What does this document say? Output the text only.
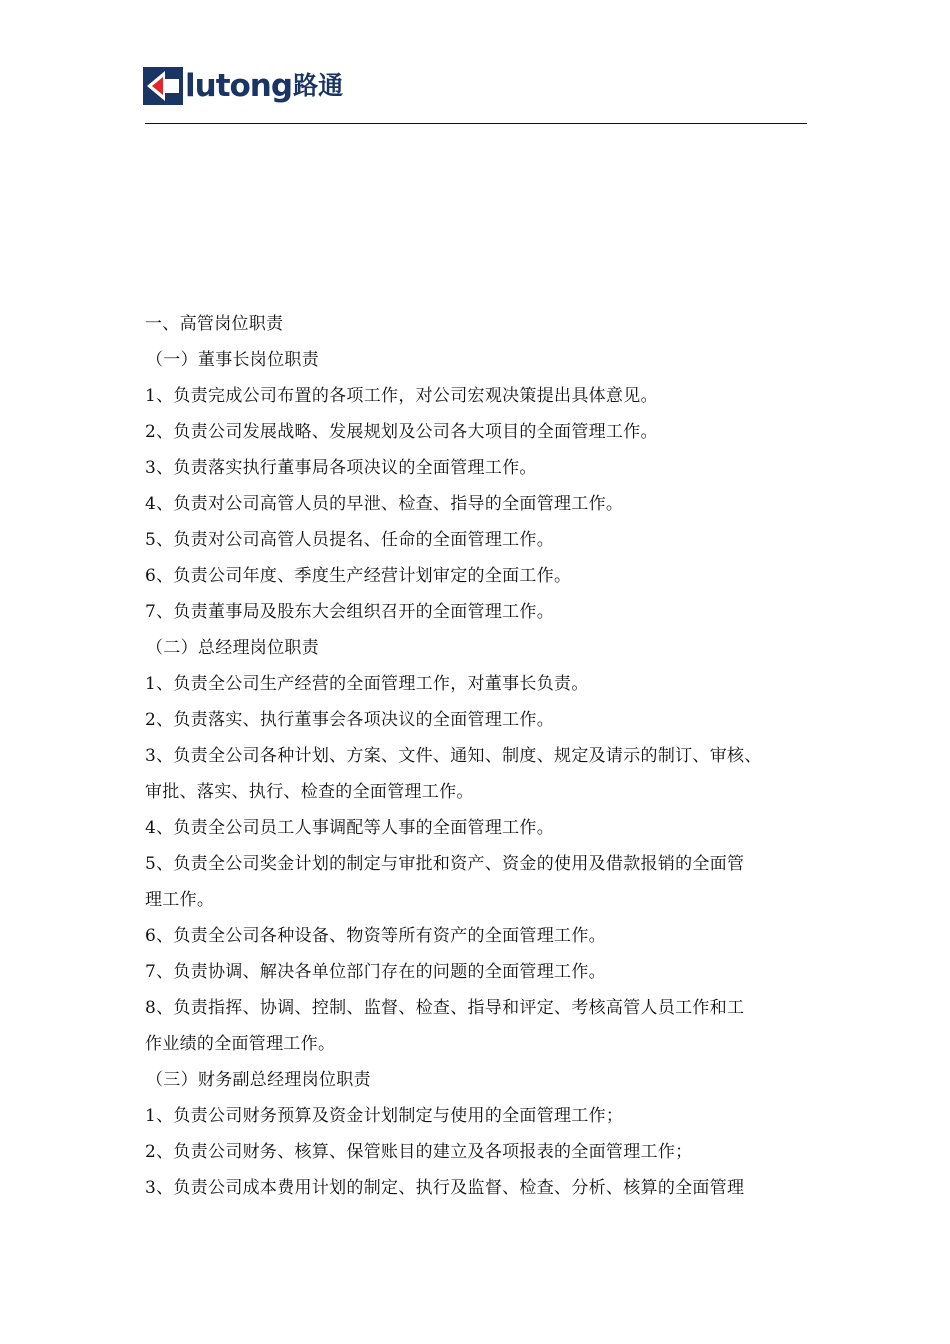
lutong 路通
一、高管岗位职责
（一）董事长岗位职责
1、负责完成公司布置的各项工作，对公司宏观决策提出具体意见。
2、负责公司发展战略、发展规划及公司各大项目的全面管理工作。
3、负责落实执行董事局各项决议的全面管理工作。
4、负责对公司高管人员的早泄、检查、指导的全面管理工作。
5、负责对公司高管人员提名、任命的全面管理工作。
6、负责公司年度、季度生产经营计划审定的全面工作。
7、负责董事局及股东大会组织召开的全面管理工作。
（二）总经理岗位职责
1、负责全公司生产经营的全面管理工作，对董事长负责。
2、负责落实、执行董事会各项决议的全面管理工作。
3、负责全公司各种计划、方案、文件、通知、制度、规定及请示的制订、审核、
审批、落实、执行、检查的全面管理工作。
4、负责全公司员工人事调配等人事的全面管理工作。
5、负责全公司奖金计划的制定与审批和资产、资金的使用及借款报销的全面管
理工作。
6、负责全公司各种设备、物资等所有资产的全面管理工作。
7、负责协调、解决各单位部门存在的问题的全面管理工作。
8、负责指挥、协调、控制、监督、检查、指导和评定、考核高管人员工作和工
作业绩的全面管理工作。
（三）财务副总经理岗位职责
1、负责公司财务预算及资金计划制定与使用的全面管理工作；
2、负责公司财务、核算、保管账目的建立及各项报表的全面管理工作；
3、负责公司成本费用计划的制定、执行及监督、检查、分析、核算的全面管理
